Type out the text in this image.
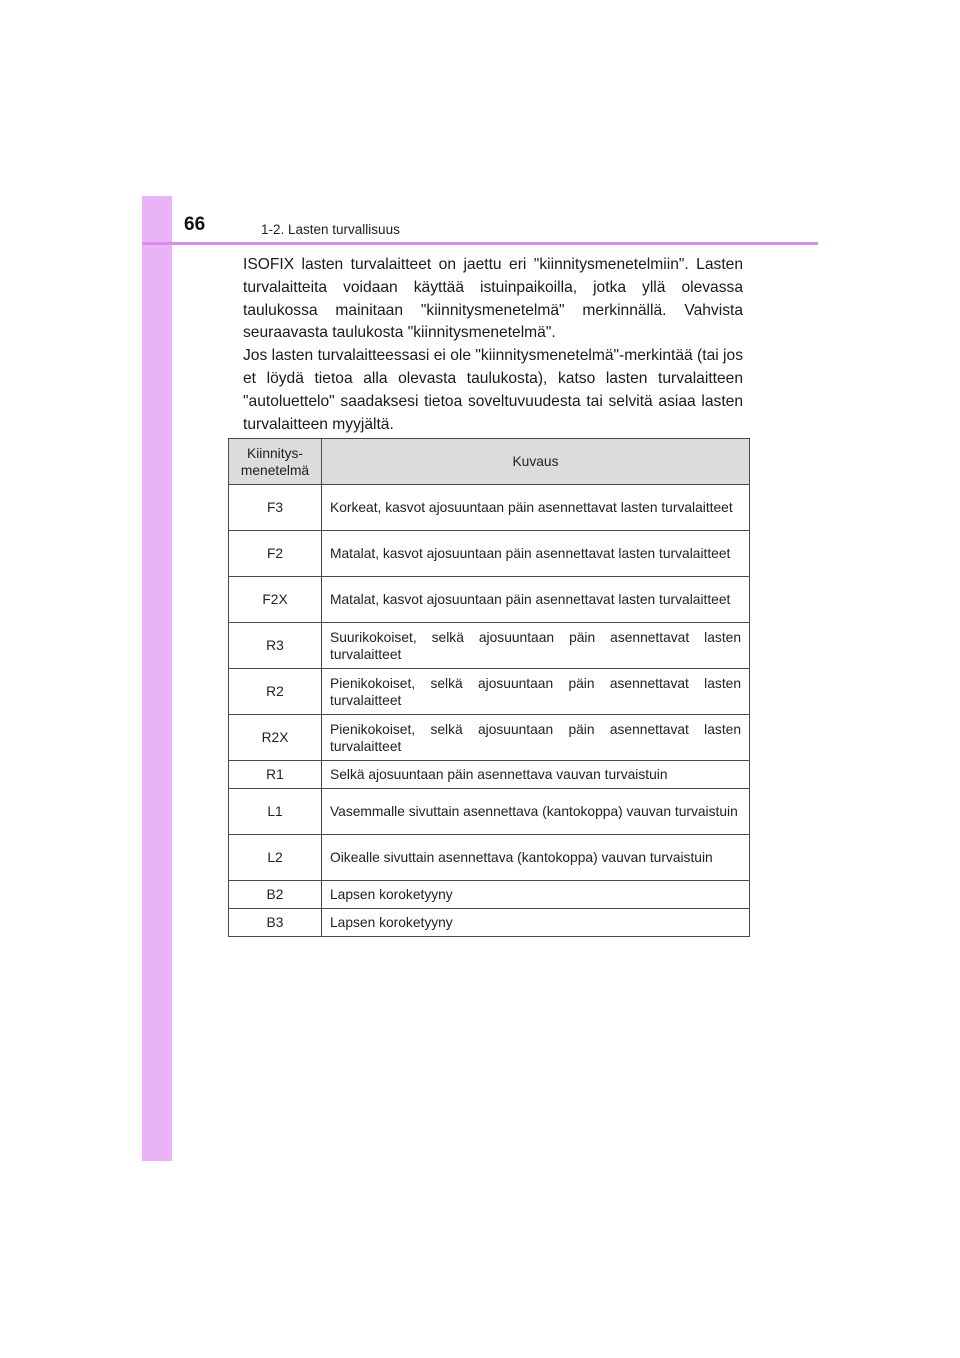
66	1-2. Lasten turvallisuus

ISOFIX lasten turvalaitteet on jaettu eri "kiinnitysmenetelmiin". Lasten turvalaitteita voidaan käyttää istuinpaikoilla, jotka yllä olevassa taulukossa mainitaan "kiinnitysmenetelmä" merkinnällä. Vahvista seuraavasta taulukosta "kiinnitysmenetelmä".

Jos lasten turvalaitteessasi ei ole "kiinnitysmenetelmä"-merkintää (tai jos et löydä tietoa alla olevasta taulukosta), katso lasten turvalaitteen "autoluettelo" saadaksesi tietoa soveltuvuudesta tai selvitä asiaa lasten turvalaitteen myyjältä.

Kiinnitys-
menetelmä	Kuvaus
F3	Korkeat, kasvot ajosuuntaan päin asennettavat lasten turvalaitteet
F2	Matalat, kasvot ajosuuntaan päin asennettavat lasten turvalaitteet
F2X	Matalat, kasvot ajosuuntaan päin asennettavat lasten turvalaitteet
R3	Suurikokoiset, selkä ajosuuntaan päin asennettavat lasten turvalaitteet
R2	Pienikokoiset, selkä ajosuuntaan päin asennettavat lasten turvalaitteet
R2X	Pienikokoiset, selkä ajosuuntaan päin asennettavat lasten turvalaitteet
R1	Selkä ajosuuntaan päin asennettava vauvan turvaistuin
L1	Vasemmalle sivuttain asennettava (kantokoppa) vauvan turvaistuin
L2	Oikealle sivuttain asennettava (kantokoppa) vauvan turvaistuin
B2	Lapsen koroketyyny
B3	Lapsen koroketyyny
